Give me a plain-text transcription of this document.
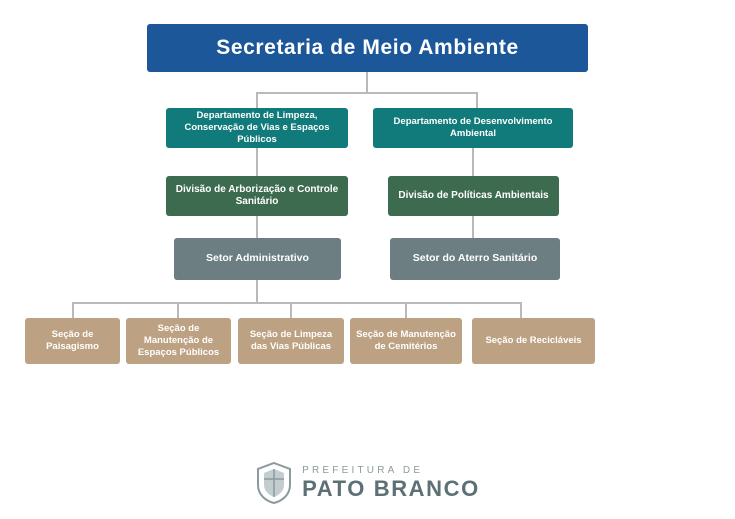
Secretaria de Meio Ambiente
Departamento de Limpeza, Conservação de Vias e Espaços Públicos
Departamento de Desenvolvimento Ambiental
Divisão de Arborização e Controle Sanitário
Divisão de Políticas Ambientais
Setor Administrativo	Setor do Aterro Sanitário
Seção de Paisagismo
Seção de Manutenção de Espaços Públicos
Seção de Limpeza das Vias Públicas
Seção de Manutenção de Cemitérios
Seção de Recicláveis
PREFEITURA DE
PATO BRANCO
